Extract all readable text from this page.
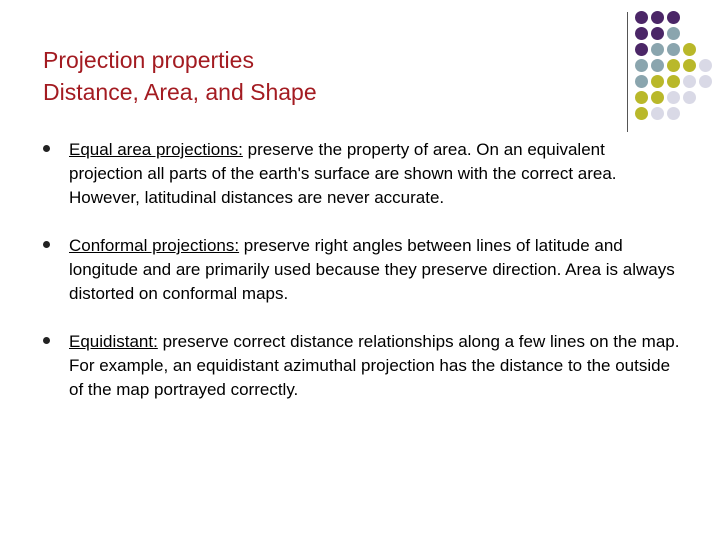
Projection properties
Distance, Area, and Shape
Equal area projections: preserve the property of area. On an equivalent projection all parts of the earth's surface are shown with the correct area. However, latitudinal distances are never accurate.
Conformal projections: preserve right angles between lines of latitude and longitude and are primarily used because they preserve direction. Area is always distorted on conformal maps.
Equidistant: preserve correct distance relationships along a few lines on the map. For example, an equidistant azimuthal projection has the distance to the outside of the map portrayed correctly.
